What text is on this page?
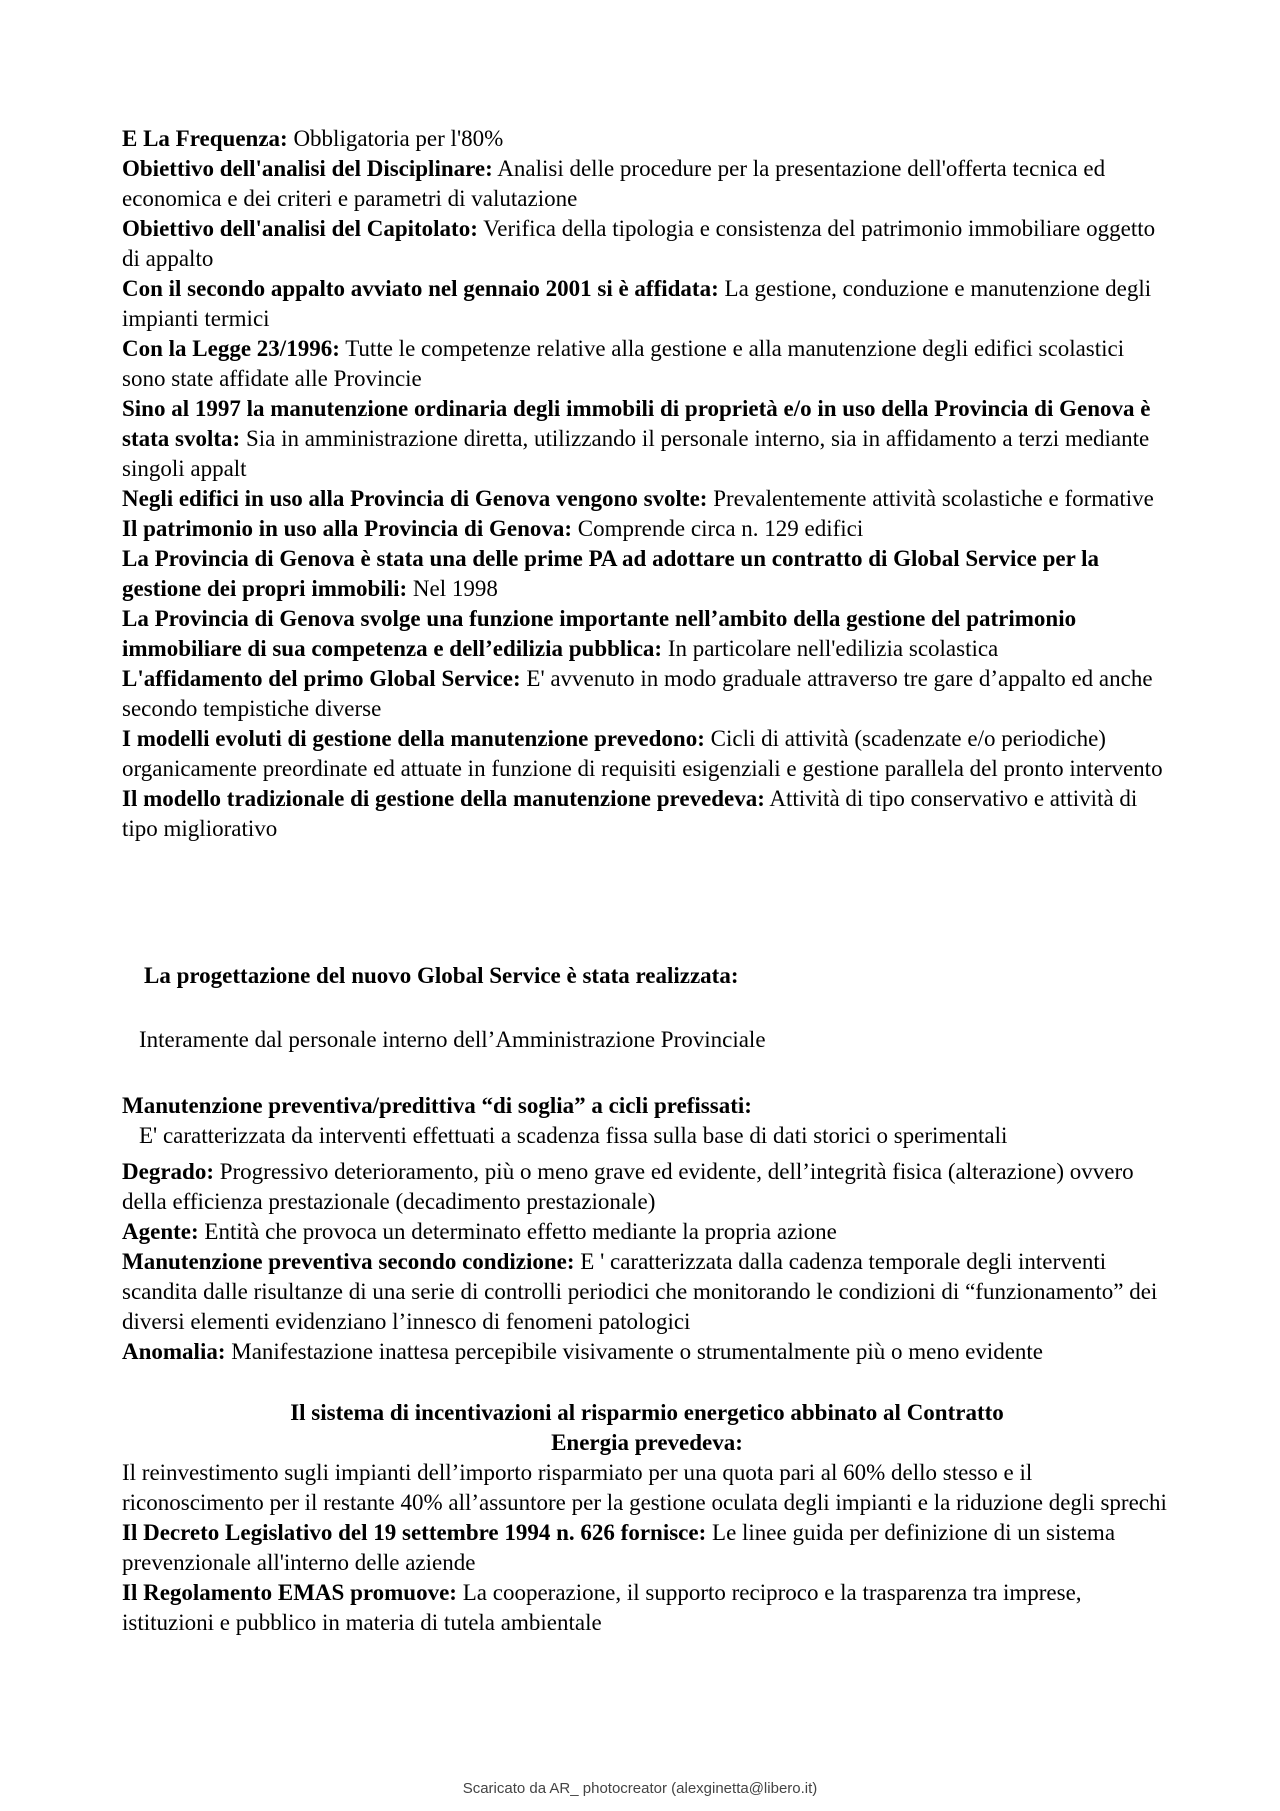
E La Frequenza: Obbligatoria per l'80%
Obiettivo dell'analisi del Disciplinare: Analisi delle procedure per la presentazione dell'offerta tecnica ed economica e dei criteri e parametri di valutazione
Obiettivo dell'analisi del Capitolato: Verifica della tipologia e consistenza del patrimonio immobiliare oggetto di appalto
Con il secondo appalto avviato nel gennaio 2001 si è affidata: La gestione, conduzione e manutenzione degli impianti termici
Con la Legge 23/1996: Tutte le competenze relative alla gestione e alla manutenzione degli edifici scolastici sono state affidate alle Provincie
Sino al 1997 la manutenzione ordinaria degli immobili di proprietà e/o in uso della Provincia di Genova è stata svolta: Sia in amministrazione diretta, utilizzando il personale interno, sia in affidamento a terzi mediante singoli appalt
Negli edifici in uso alla Provincia di Genova vengono svolte: Prevalentemente attività scolastiche e formative
Il patrimonio in uso alla Provincia di Genova: Comprende circa n. 129 edifici
La Provincia di Genova è stata una delle prime PA ad adottare un contratto di Global Service per la gestione dei propri immobili: Nel 1998
La Provincia di Genova svolge una funzione importante nell’ambito della gestione del patrimonio immobiliare di sua competenza e dell’edilizia pubblica: In particolare nell'edilizia scolastica
L'affidamento del primo Global Service: E' avvenuto in modo graduale attraverso tre gare d’appalto ed anche secondo tempistiche diverse
I modelli evoluti di gestione della manutenzione prevedono: Cicli di attività (scadenzate e/o periodiche) organicamente preordinate ed attuate in funzione di requisiti esigenziali e gestione parallela del pronto intervento
Il modello tradizionale di gestione della manutenzione prevedeva: Attività di tipo conservativo e attività di tipo migliorativo

La progettazione del nuovo Global Service è stata realizzata:

Interamente dal personale interno dell’Amministrazione Provinciale

Manutenzione preventiva/predittiva “di soglia” a cicli prefissati:

E' caratterizzata da interventi effettuati a scadenza fissa sulla base di dati storici o sperimentali

Degrado: Progressivo deterioramento, più o meno grave ed evidente, dell’integrità fisica (alterazione) ovvero della efficienza prestazionale (decadimento prestazionale)
Agente: Entità che provoca un determinato effetto mediante la propria azione
Manutenzione preventiva secondo condizione: E ' caratterizzata dalla cadenza temporale degli interventi scandita dalle risultanze di una serie di controlli periodici che monitorando le condizioni di “funzionamento” dei diversi elementi evidenziano l’innesco di fenomeni patologici
Anomalia: Manifestazione inattesa percepibile visivamente o strumentalmente più o meno evidente

Il sistema di incentivazioni al risparmio energetico abbinato al Contratto Energia prevedeva:

Il reinvestimento sugli impianti dell’importo risparmiato per una quota pari al 60% dello stesso e il riconoscimento per il restante 40% all’assuntore per la gestione oculata degli impianti e la riduzione degli sprechi
Il Decreto Legislativo del 19 settembre 1994 n. 626 fornisce: Le linee guida per definizione di un sistema prevenzionale all'interno delle aziende
Il Regolamento EMAS promuove: La cooperazione, il supporto reciproco e la trasparenza tra imprese, istituzioni e pubblico in materia di tutela ambientale
Scaricato da AR_ photocreator (alexginetta@libero.it)
